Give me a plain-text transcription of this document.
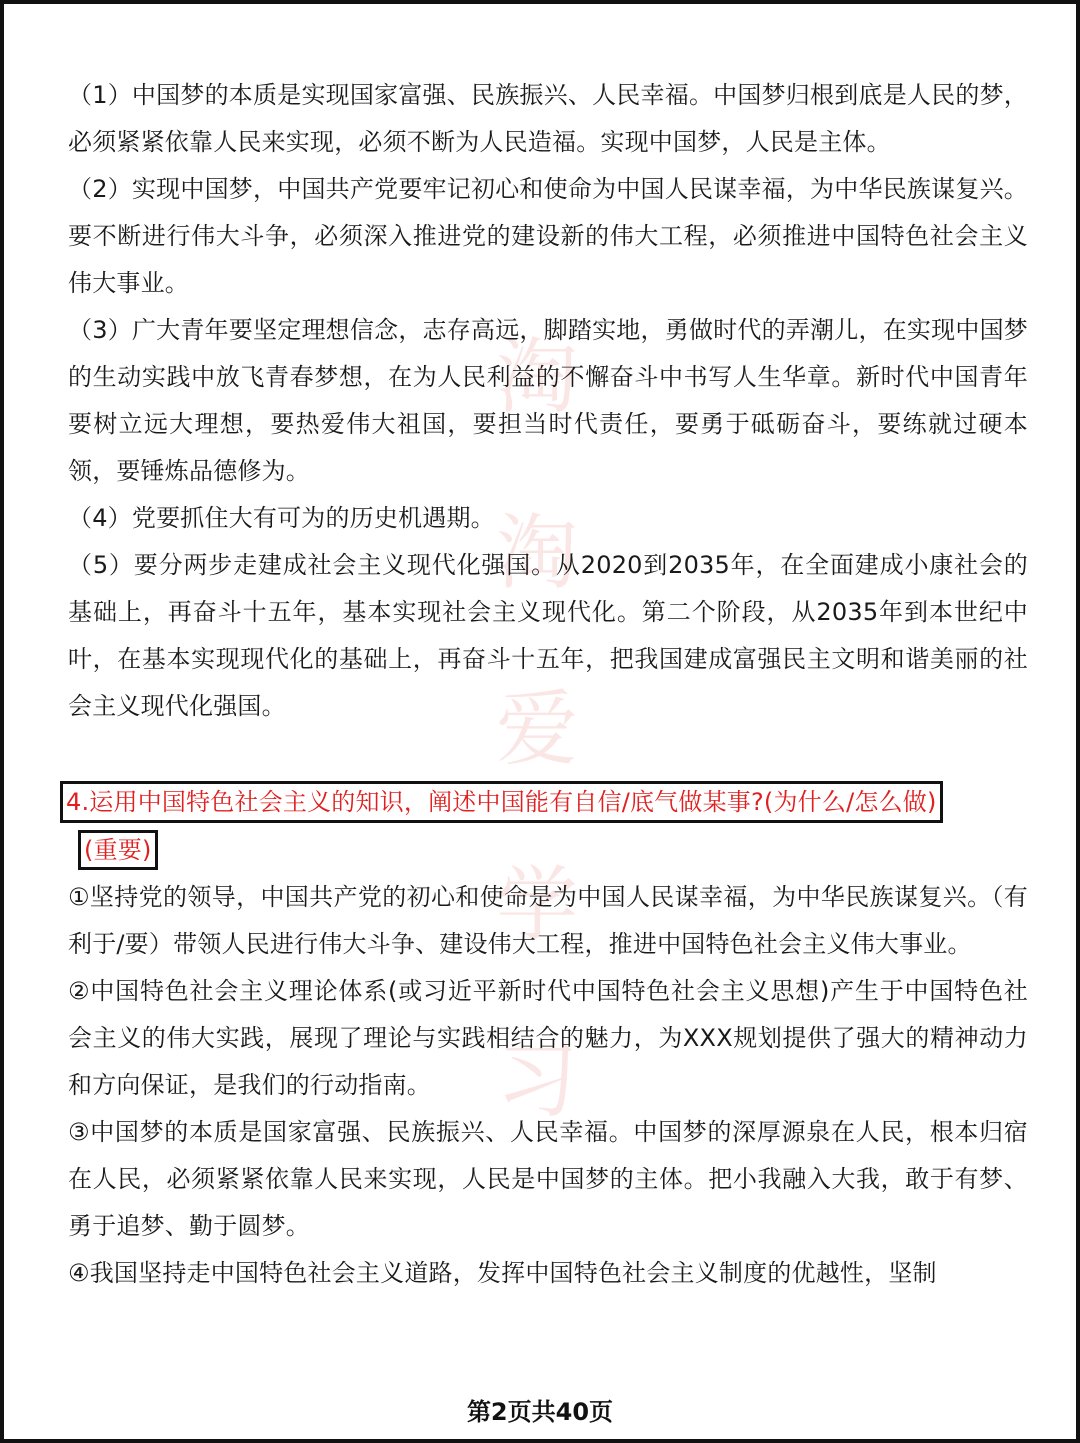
淘
淘
爱
学
习

（1）中国梦的本质是实现国家富强、民族振兴、人民幸福。中国梦归根到底是人民的梦，必须紧紧依靠人民来实现，必须不断为人民造福。实现中国梦，人民是主体。

（2）实现中国梦，中国共产党要牢记初心和使命为中国人民谋幸福，为中华民族谋复兴。要不断进行伟大斗争，必须深入推进党的建设新的伟大工程，必须推进中国特色社会主义伟大事业。

（3）广大青年要坚定理想信念，志存高远，脚踏实地，勇做时代的弄潮儿，在实现中国梦的生动实践中放飞青春梦想，在为人民利益的不懈奋斗中书写人生华章。新时代中国青年要树立远大理想，要热爱伟大祖国，要担当时代责任，要勇于砥砺奋斗，要练就过硬本领，要锤炼品德修为。

（4）党要抓住大有可为的历史机遇期。

（5）要分两步走建成社会主义现代化强国。从2020到2035年，在全面建成小康社会的基础上，再奋斗十五年，基本实现社会主义现代化。第二个阶段，从2035年到本世纪中叶，在基本实现现代化的基础上，再奋斗十五年，把我国建成富强民主文明和谐美丽的社会主义现代化强国。

4.运用中国特色社会主义的知识，阐述中国能有自信/底气做某事?(为什么/怎么做)
(重要)

①坚持党的领导，中国共产党的初心和使命是为中国人民谋幸福，为中华民族谋复兴。（有利于/要）带领人民进行伟大斗争、建设伟大工程，推进中国特色社会主义伟大事业。

②中国特色社会主义理论体系(或习近平新时代中国特色社会主义思想)产生于中国特色社会主义的伟大实践，展现了理论与实践相结合的魅力，为XXX规划提供了强大的精神动力和方向保证，是我们的行动指南。

③中国梦的本质是国家富强、民族振兴、人民幸福。中国梦的深厚源泉在人民，根本归宿在人民，必须紧紧依靠人民来实现，人民是中国梦的主体。把小我融入大我，敢于有梦、勇于追梦、勤于圆梦。

④我国坚持走中国特色社会主义道路，发挥中国特色社会主义制度的优越性，坚制

第2页共40页
